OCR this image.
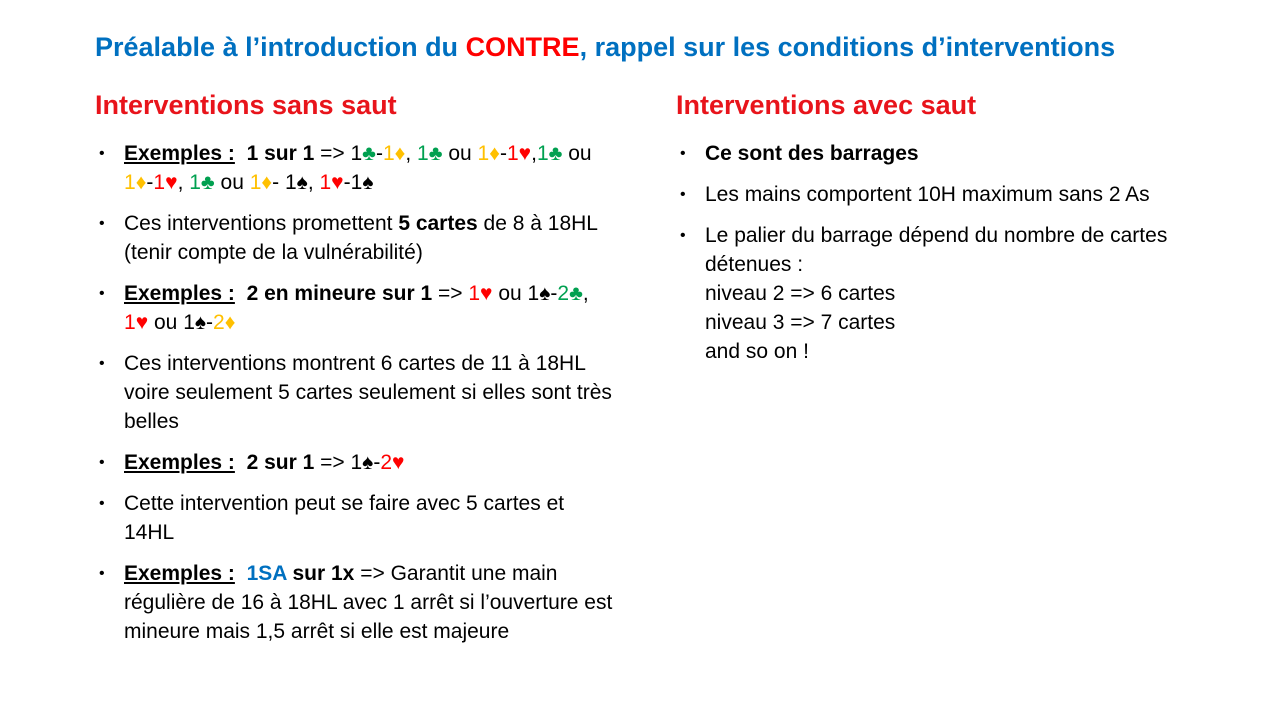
Préalable à l’introduction du CONTRE, rappel sur les conditions d’interventions
Interventions sans saut
• Exemples : 1 sur 1 => 1♣-1♦, 1♣ ou 1♦-1♥,1♣ ou 1♦-1♥, 1♣ ou 1♦- 1♠, 1♥-1♠
• Ces interventions promettent 5 cartes de 8 à 18HL (tenir compte de la vulnérabilité)
• Exemples : 2 en mineure sur 1 => 1♥ ou 1♠-2♣, 1♥ ou 1♠-2♦
• Ces interventions montrent 6 cartes de 11 à 18HL voire seulement 5 cartes seulement si elles sont très belles
• Exemples : 2 sur 1 => 1♠-2♥
• Cette intervention peut se faire avec 5 cartes et 14HL
• Exemples : 1SA sur 1x => Garantit une main régulière de 16 à 18HL avec 1 arrêt si l’ouverture est mineure mais 1,5 arrêt si elle est majeure
Interventions avec saut
• Ce sont des barrages
• Les mains comportent 10H maximum sans 2 As
• Le palier du barrage dépend du nombre de cartes détenues :
niveau 2 => 6 cartes
niveau 3 => 7 cartes
and so on !
